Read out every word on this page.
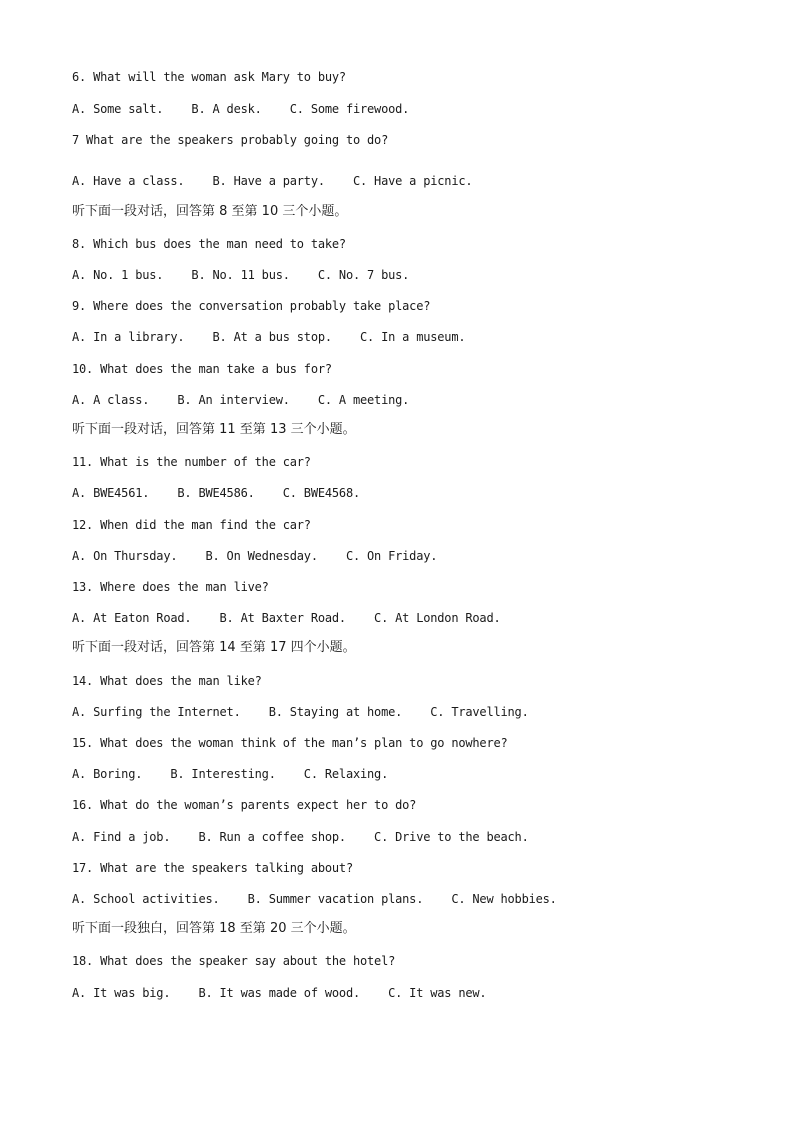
6. What will the woman ask Mary to buy?
A. Some salt.    B. A desk.    C. Some firewood.
7 What are the speakers probably going to do?
A. Have a class.    B. Have a party.    C. Have a picnic.
听下面一段对话，回答第 8 至第 10 三个小题。
8. Which bus does the man need to take?
A. No. 1 bus.    B. No. 11 bus.    C. No. 7 bus.
9. Where does the conversation probably take place?
A. In a library.    B. At a bus stop.    C. In a museum.
10. What does the man take a bus for?
A. A class.    B. An interview.    C. A meeting.
听下面一段对话，回答第 11 至第 13 三个小题。
11. What is the number of the car?
A. BWE4561.    B. BWE4586.    C. BWE4568.
12. When did the man find the car?
A. On Thursday.    B. On Wednesday.    C. On Friday.
13. Where does the man live?
A. At Eaton Road.    B. At Baxter Road.    C. At London Road.
听下面一段对话，回答第 14 至第 17 四个小题。
14. What does the man like?
A. Surfing the Internet.    B. Staying at home.    C. Travelling.
15. What does the woman think of the man’s plan to go nowhere?
A. Boring.    B. Interesting.    C. Relaxing.
16. What do the woman’s parents expect her to do?
A. Find a job.    B. Run a coffee shop.    C. Drive to the beach.
17. What are the speakers talking about?
A. School activities.    B. Summer vacation plans.    C. New hobbies.
听下面一段独白，回答第 18 至第 20 三个小题。
18. What does the speaker say about the hotel?
A. It was big.    B. It was made of wood.    C. It was new.
